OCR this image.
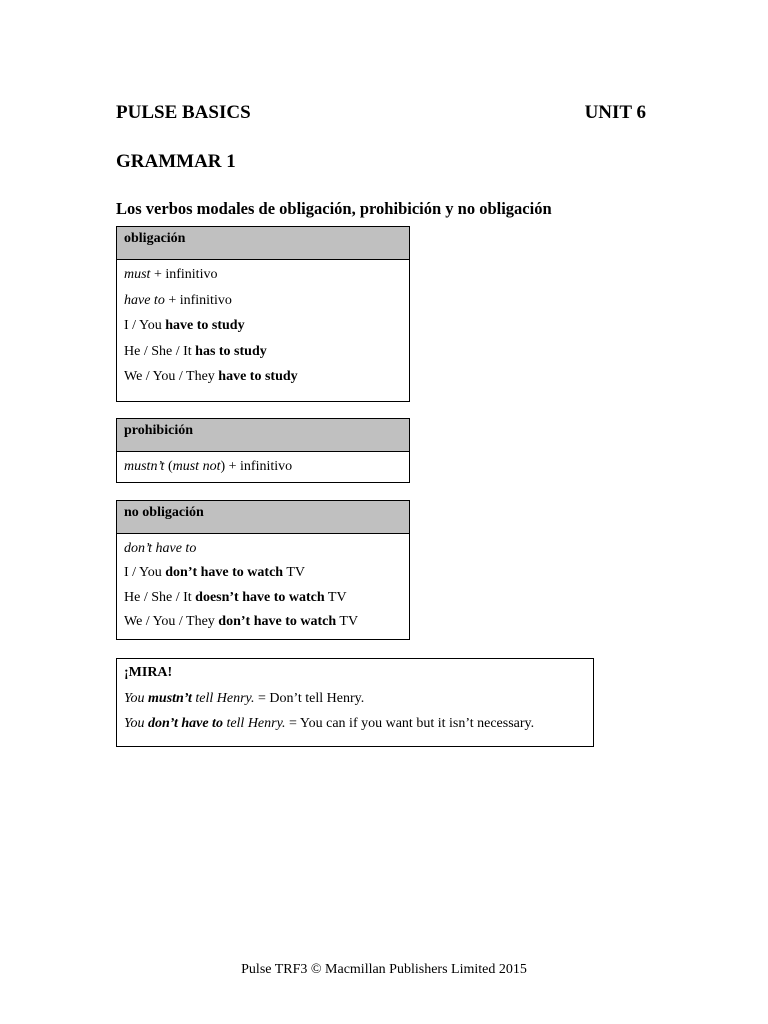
PULSE BASICS	UNIT 6
GRAMMAR 1
Los verbos modales de obligación, prohibición y no obligación
obligación
must + infinitivo
have to + infinitivo
I / You have to study
He / She / It has to study
We / You / They have to study
prohibición
mustn’t (must not) + infinitivo
no obligación
don’t have to
I / You don’t have to watch TV
He / She / It doesn’t have to watch TV
We / You / They don’t have to watch TV
¡MIRA!
You mustn’t tell Henry. = Don’t tell Henry.
You don’t have to tell Henry. = You can if you want but it isn’t necessary.
Pulse TRF3 © Macmillan Publishers Limited 2015
